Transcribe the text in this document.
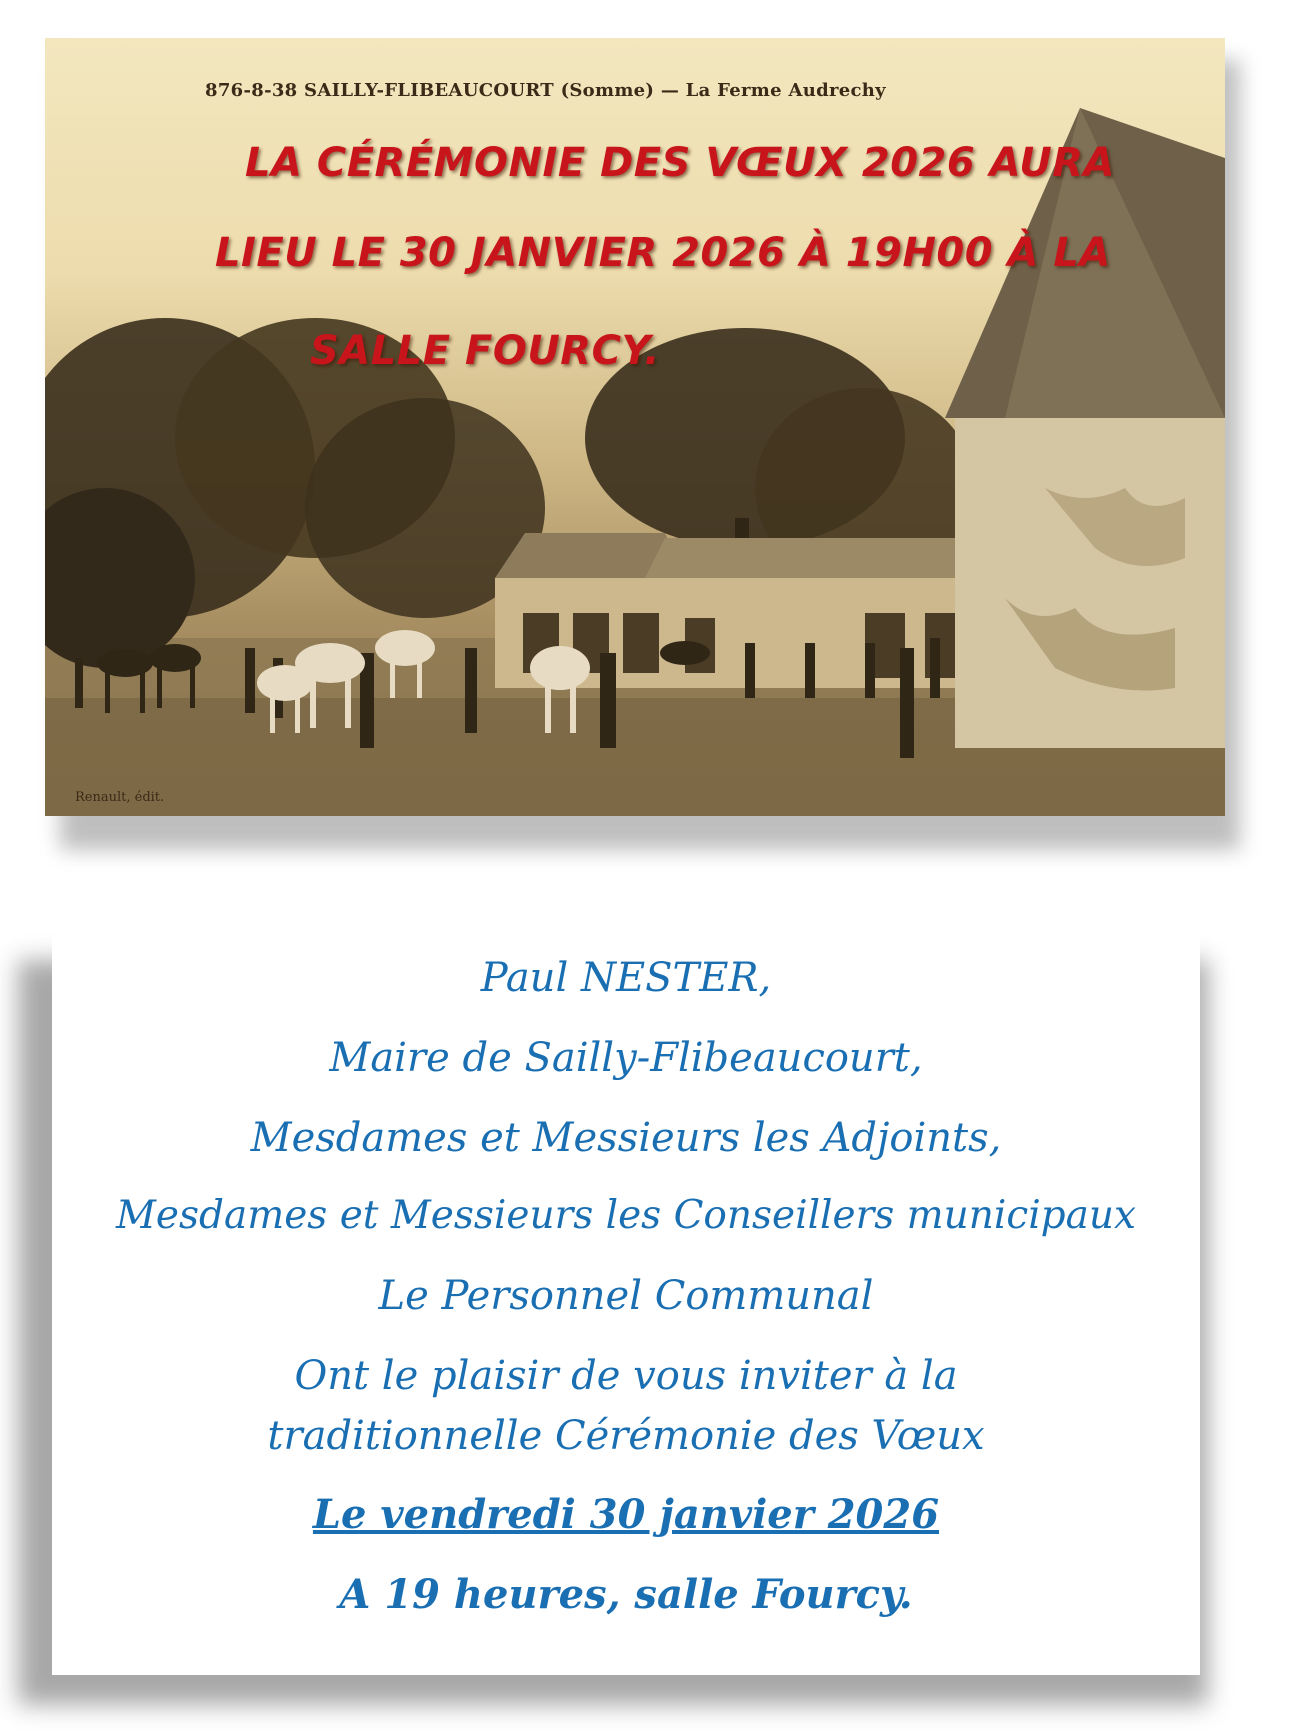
876-8-38 SAILLY-FLIBEAUCOURT (Somme) — La Ferme Audrechy
Renault, édit.
LA CÉRÉMONIE DES VŒUX 2026 AURA
LIEU LE 30 JANVIER 2026 À 19H00 À LA
SALLE FOURCY.
Paul NESTER,
Maire de Sailly-Flibeaucourt,
Mesdames et Messieurs les Adjoints,
Mesdames et Messieurs les Conseillers municipaux
Le Personnel Communal
Ont le plaisir de vous inviter à la
traditionnelle Cérémonie des Vœux
Le vendredi 30 janvier 2026
A 19 heures, salle Fourcy.
